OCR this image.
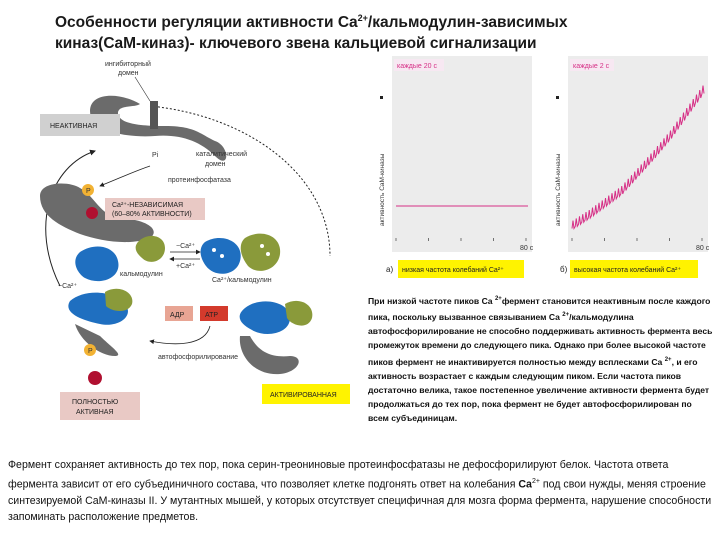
Особенности регуляции активности $Ca^{2+}/кальмодулин$-зависимых
киназ(CaM-киназ)- ключевого звена кальциевой сигнализации
ингибиторный
домен
НЕАКТИВНАЯ
Pi	каталитический
домен
протеинфосфатаза
P
Ca²⁺-НЕЗАВИСИМАЯ
(60–80% АКТИВНОСТИ)
+Ca²⁺
−Ca²⁺
кальмодулин
Ca²⁺/кальмодулин
−Ca²⁺
P
ПОЛНОСТЬЮ
АКТИВНАЯ
АДР	АТР
автофосфорилирование
АКТИВИРОВАННАЯ
каждые 20 с
активность CaM-киназы
80 с
каждые 2 с
активность CaM-киназы
80 с
а) низкая частота колебаний Ca²⁺	б) высокая частота колебаний Ca²⁺
При низкой частоте пиков Ca $^{2+}$фермент становится неактивным после каждого пика, поскольку вызванное связыванием Ca $^{2+}$/кальмодулина автофосфорилирование не способно поддерживать активность фермента весь промежуток времени до следующего пика. Однако при более высокой частоте пиков фермент не инактивируется полностью между всплесками Ca $^{2+}$, и его активность возрастает с каждым следующим пиком. Если частота пиков достаточно велика, такое постепенное увеличение активности фермента будет продолжаться до тех пор, пока фермент не будет автофосфорилирован по всем субъединицам.
Фермент сохраняет активность до тех пор, пока серин-треониновые протеинфосфатазы не дефосфорилируют белок. Частота ответа фермента зависит от его субъединичного состава, что позволяет клетке подгонять ответ на колебания $Ca^{2+}$ под свои нужды, меняя строение синтезируемой CaM-киназы II. У мутантных мышей, у которых отсутствует специфичная для мозга форма фермента, нарушение способности запоминать расположение предметов.
